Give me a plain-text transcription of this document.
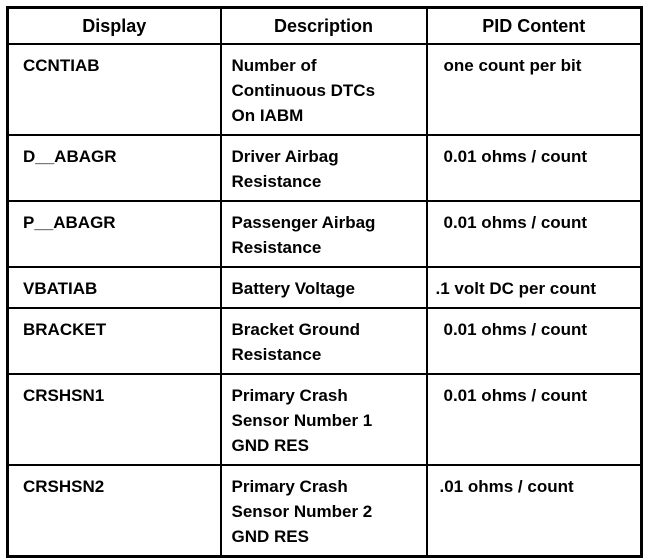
Display	Description	PID Content
CCNTIAB	Number of
Continuous DTCs
On IABM	one count per bit

D__ABAGR	Driver Airbag
Resistance	0.01 ohms / count

P__ABAGR	Passenger Airbag
Resistance	0.01 ohms / count

VBATIAB	Battery Voltage	.1 volt DC per count

BRACKET	Bracket Ground
Resistance	0.01 ohms / count

CRSHSN1	Primary Crash
Sensor Number 1
GND RES	0.01 ohms / count

CRSHSN2	Primary Crash
Sensor Number 2
GND RES	.01 ohms / count
